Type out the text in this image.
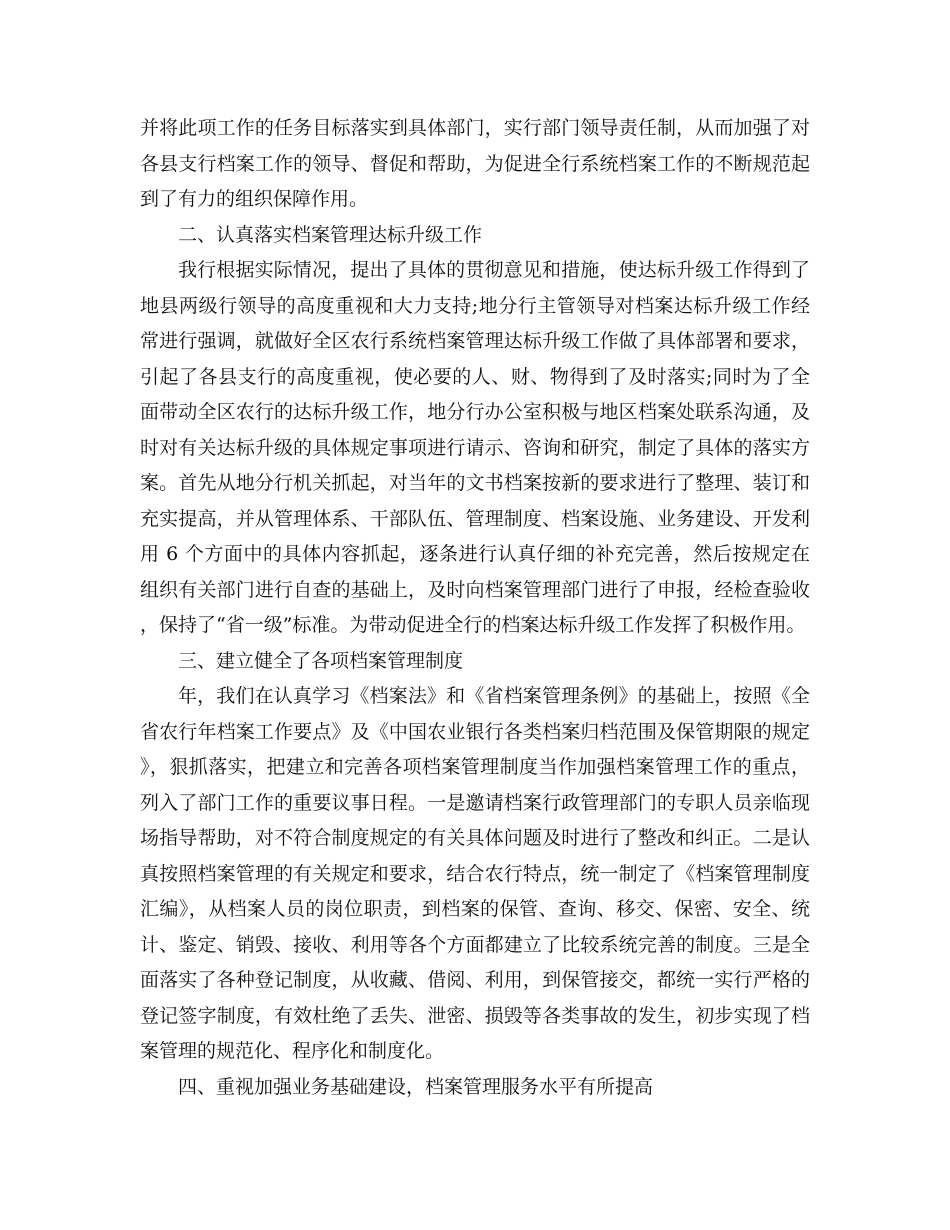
并将此项工作的任务目标落实到具体部门，实行部门领导责任制，从而加强了对各县支行档案工作的领导、督促和帮助，为促进全行系统档案工作的不断规范起到了有力的组织保障作用。

二、认真落实档案管理达标升级工作

我行根据实际情况，提出了具体的贯彻意见和措施，使达标升级工作得到了地县两级行领导的高度重视和大力支持;地分行主管领导对档案达标升级工作经常进行强调，就做好全区农行系统档案管理达标升级工作做了具体部署和要求，引起了各县支行的高度重视，使必要的人、财、物得到了及时落实;同时为了全面带动全区农行的达标升级工作，地分行办公室积极与地区档案处联系沟通，及时对有关达标升级的具体规定事项进行请示、咨询和研究，制定了具体的落实方案。首先从地分行机关抓起，对当年的文书档案按新的要求进行了整理、装订和充实提高，并从管理体系、干部队伍、管理制度、档案设施、业务建设、开发利用 6 个方面中的具体内容抓起，逐条进行认真仔细的补充完善，然后按规定在组织有关部门进行自查的基础上，及时向档案管理部门进行了申报，经检查验收，保持了“省一级”标准。为带动促进全行的档案达标升级工作发挥了积极作用。

三、建立健全了各项档案管理制度

年，我们在认真学习《档案法》和《省档案管理条例》的基础上，按照《全省农行年档案工作要点》及《中国农业银行各类档案归档范围及保管期限的规定》，狠抓落实，把建立和完善各项档案管理制度当作加强档案管理工作的重点，列入了部门工作的重要议事日程。一是邀请档案行政管理部门的专职人员亲临现场指导帮助，对不符合制度规定的有关具体问题及时进行了整改和纠正。二是认真按照档案管理的有关规定和要求，结合农行特点，统一制定了《档案管理制度汇编》，从档案人员的岗位职责，到档案的保管、查询、移交、保密、安全、统计、鉴定、销毁、接收、利用等各个方面都建立了比较系统完善的制度。三是全面落实了各种登记制度，从收藏、借阅、利用，到保管接交，都统一实行严格的登记签字制度，有效杜绝了丢失、泄密、损毁等各类事故的发生，初步实现了档案管理的规范化、程序化和制度化。

四、重视加强业务基础建设，档案管理服务水平有所提高
